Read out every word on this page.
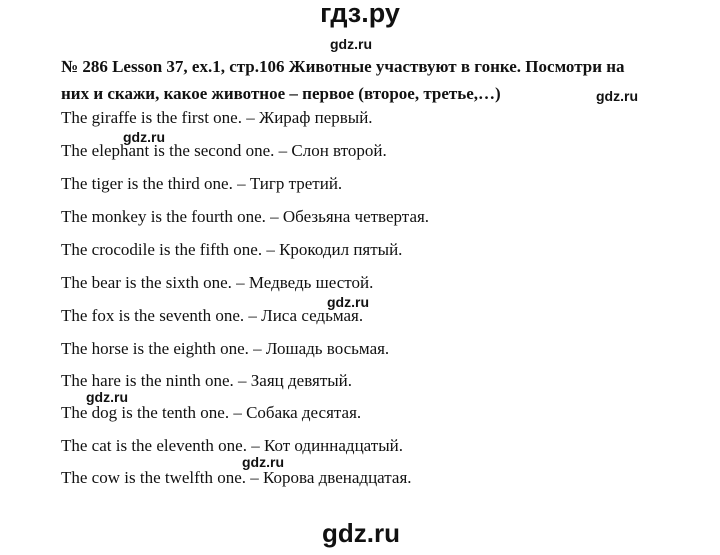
гдз.ру
№ 286 Lesson 37, ex.1, стр.106 Животные участвуют в гонке. Посмотри на
них и скажи, какое животное – первое (второе, третье,…)
The giraffe is the first one. – Жираф первый.
The elephant is the second one. – Слон второй.
The tiger is the third one. – Тигр третий.
The monkey is the fourth one. – Обезьяна четвертая.
The crocodile is the fifth one. – Крокодил пятый.
The bear is the sixth one. – Медведь шестой.
The fox is the seventh one. – Лиса седьмая.
The horse is the eighth one. – Лошадь восьмая.
The hare is the ninth one. – Заяц девятый.
The dog is the tenth one. – Собака десятая.
The cat is the eleventh one. – Кот одиннадцатый.
The cow is the twelfth one. – Корова двенадцатая.
gdz.ru
gdz.ru
gdz.ru
gdz.ru
gdz.ru
gdz.ru
gdz.ru
